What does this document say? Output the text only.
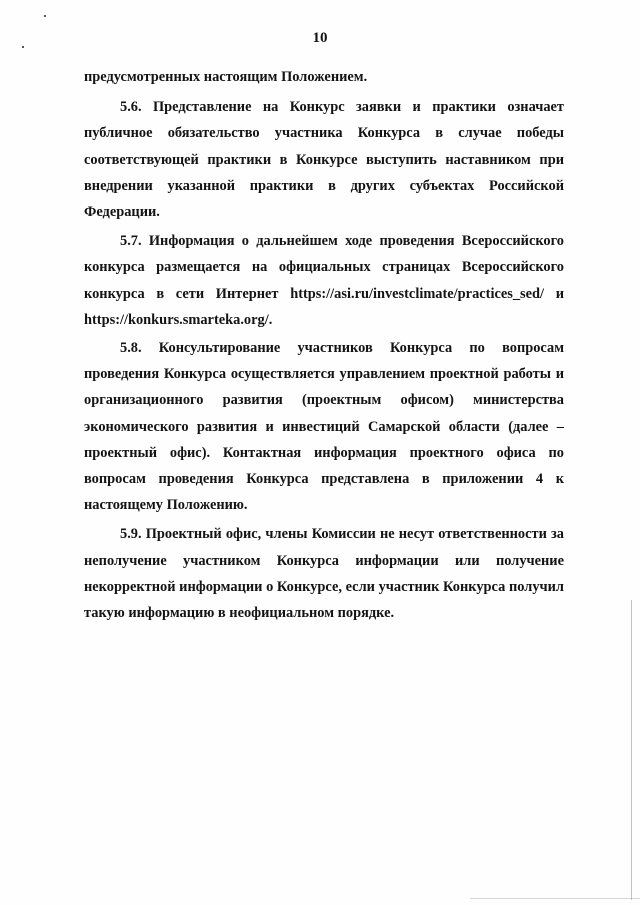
10

предусмотренных настоящим Положением.

5.6. Представление на Конкурс заявки и практики означает публичное обязательство участника Конкурса в случае победы соответствующей практики в Конкурсе выступить наставником при внедрении указанной практики в других субъектах Российской Федерации.

5.7. Информация о дальнейшем ходе проведения Всероссийского конкурса размещается на официальных страницах Всероссийского конкурса в сети Интернет https://asi.ru/investclimate/practices_sed/ и https://konkurs.smarteka.org/.

5.8. Консультирование участников Конкурса по вопросам проведения Конкурса осуществляется управлением проектной работы и организационного развития (проектным офисом) министерства экономического развития и инвестиций Самарской области (далее – проектный офис). Контактная информация проектного офиса по вопросам проведения Конкурса представлена в приложении 4 к настоящему Положению.

5.9. Проектный офис, члены Комиссии не несут ответственности за неполучение участником Конкурса информации или получение некорректной информации о Конкурсе, если участник Конкурса получил такую информацию в неофициальном порядке.
